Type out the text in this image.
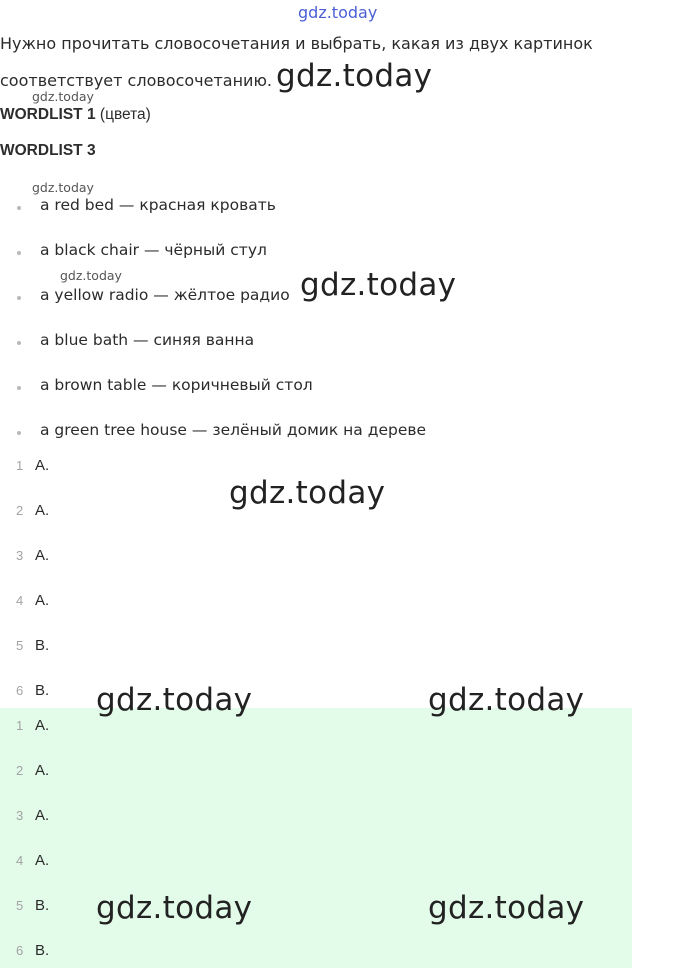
gdz.today
Нужно прочитать словосочетания и выбрать, какая из двух картинок
соответствует словосочетанию. gdz.today
gdz.today
WORDLIST 1 (цвета)
WORDLIST 3
gdz.today
gdz.today
a red bed — красная кровать
a black chair — чёрный стул
a yellow radio — жёлтое радио gdz.today
a blue bath — синяя ванна
a brown table — коричневый стол
a green tree house — зелёный домик на дереве
1 A.
gdz.today
2 A.
3 A.
4 A.
5 B.
6 B. gdz.today	gdz.today
1 A.
2 A.
3 A.
4 A.
5 B. gdz.today	gdz.today
6 B.
